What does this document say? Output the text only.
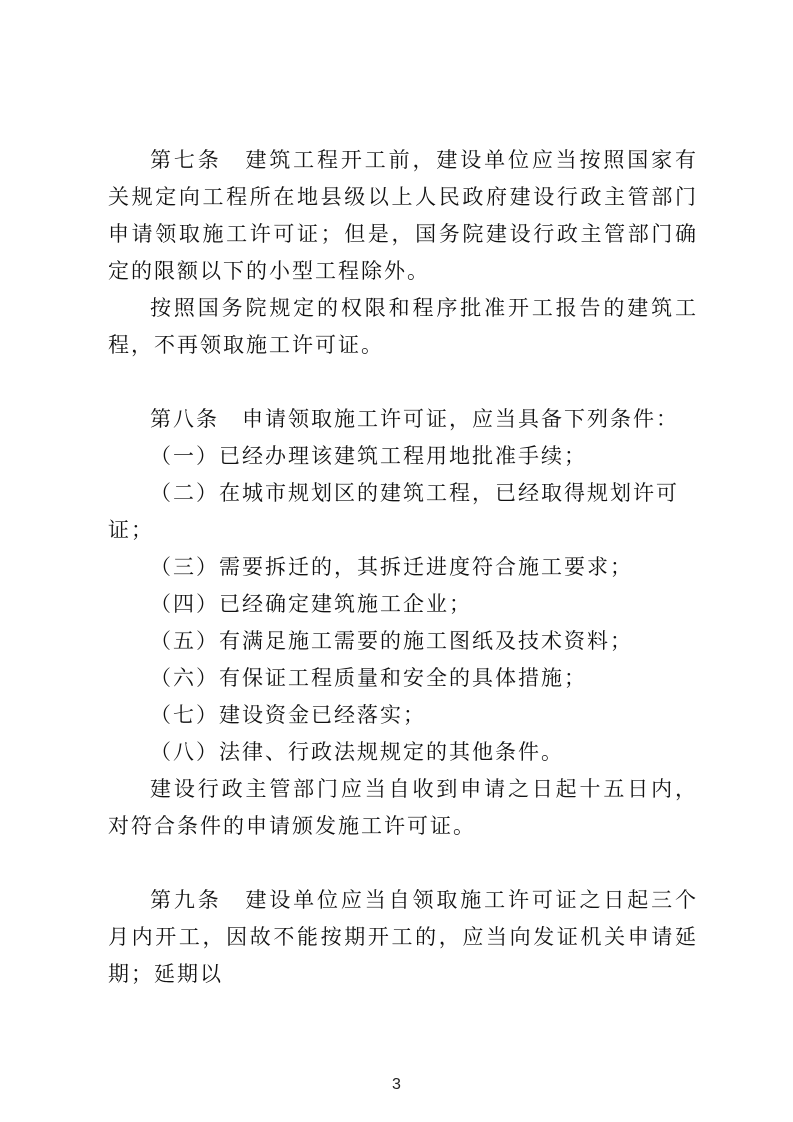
第七条　建筑工程开工前，建设单位应当按照国家有关规定向工程所在地县级以上人民政府建设行政主管部门申请领取施工许可证；但是，国务院建设行政主管部门确定的限额以下的小型工程除外。

按照国务院规定的权限和程序批准开工报告的建筑工程，不再领取施工许可证。

第八条　申请领取施工许可证，应当具备下列条件：

（一）已经办理该建筑工程用地批准手续；

（二）在城市规划区的建筑工程，已经取得规划许可证；

（三）需要拆迁的，其拆迁进度符合施工要求；

（四）已经确定建筑施工企业；

（五）有满足施工需要的施工图纸及技术资料；

（六）有保证工程质量和安全的具体措施；

（七）建设资金已经落实；

（八）法律、行政法规规定的其他条件。

建设行政主管部门应当自收到申请之日起十五日内，对符合条件的申请颁发施工许可证。

第九条　建设单位应当自领取施工许可证之日起三个月内开工，因故不能按期开工的，应当向发证机关申请延期；延期以

3
